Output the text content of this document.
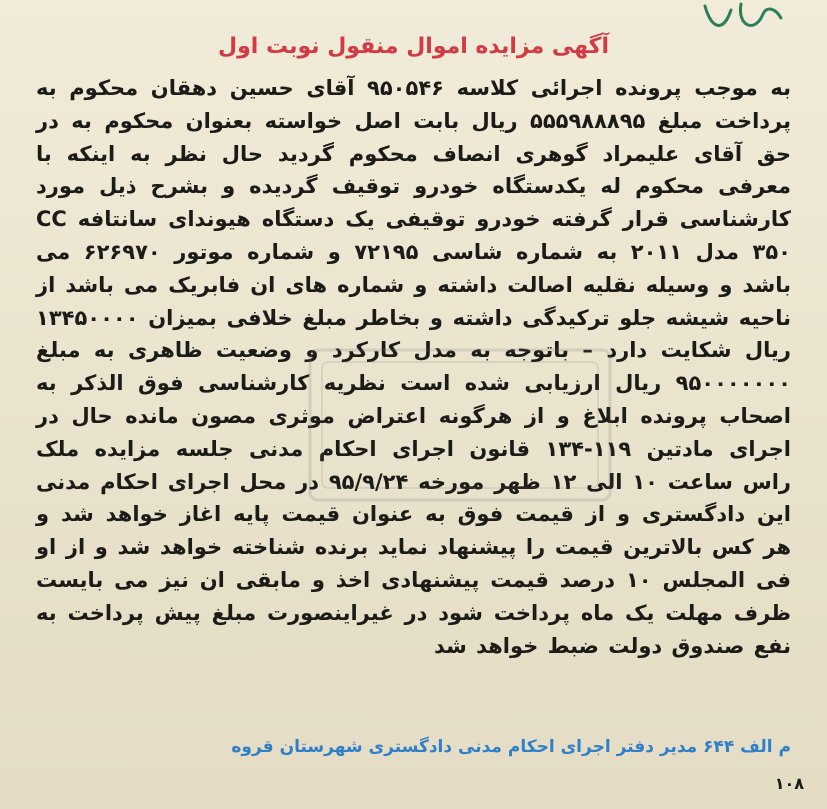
آگهی مزایده اموال منقول نوبت اول
به موجب پرونده اجرائی کلاسه ۹۵۰۵۴۶ آقای حسین دهقان محکوم به پرداخت مبلغ ۵۵۵۹۸۸۸۹۵ ریال بابت اصل خواسته بعنوان محکوم به در حق آقای علیمراد گوهری انصاف محکوم گردید حال نظر به اینکه با معرفی محکوم له یکدستگاه خودرو توقیف گردیده و بشرح ذیل مورد کارشناسی قرار گرفته خودرو توقیفی یک دستگاه هیوندای سانتافه CC ۳۵۰ مدل ۲۰۱۱ به شماره شاسی ۷۲۱۹۵ و شماره موتور ۶۲۶۹۷۰ می باشد و وسیله نقلیه اصالت داشته و شماره های ان فابریک می باشد از ناحیه شیشه جلو ترکیدگی داشته و بخاطر مبلغ خلافی بمیزان ۱۳۴۵۰۰۰۰ ریال شکایت دارد – باتوجه به مدل کارکرد و وضعیت ظاهری به مبلغ ۹۵۰۰۰۰۰۰۰ ریال ارزیابی شده است نظریه کارشناسی فوق الذکر به اصحاب پرونده ابلاغ و از هرگونه اعتراض موثری مصون مانده حال در اجرای مادتین ۱۱۹-۱۳۴ قانون اجرای احکام مدنی جلسه مزایده ملک راس ساعت ۱۰ الی ۱۲ ظهر مورخه ۹۵/۹/۲۴ در محل اجرای احکام مدنی این دادگستری و از قیمت فوق به عنوان قیمت پایه اغاز خواهد شد و هر کس بالاترین قیمت را پیشنهاد نماید برنده شناخته خواهد شد و از او فی المجلس ۱۰ درصد قیمت پیشنهادی اخذ و مابقی ان نیز می بایست ظرف مهلت یک ماه پرداخت شود در غیراینصورت مبلغ پیش پرداخت به نفع صندوق دولت ضبط خواهد شد
م الف ۶۴۴ مدیر دفتر اجرای احکام مدنی دادگستری شهرستان قروه
۱۰۸
